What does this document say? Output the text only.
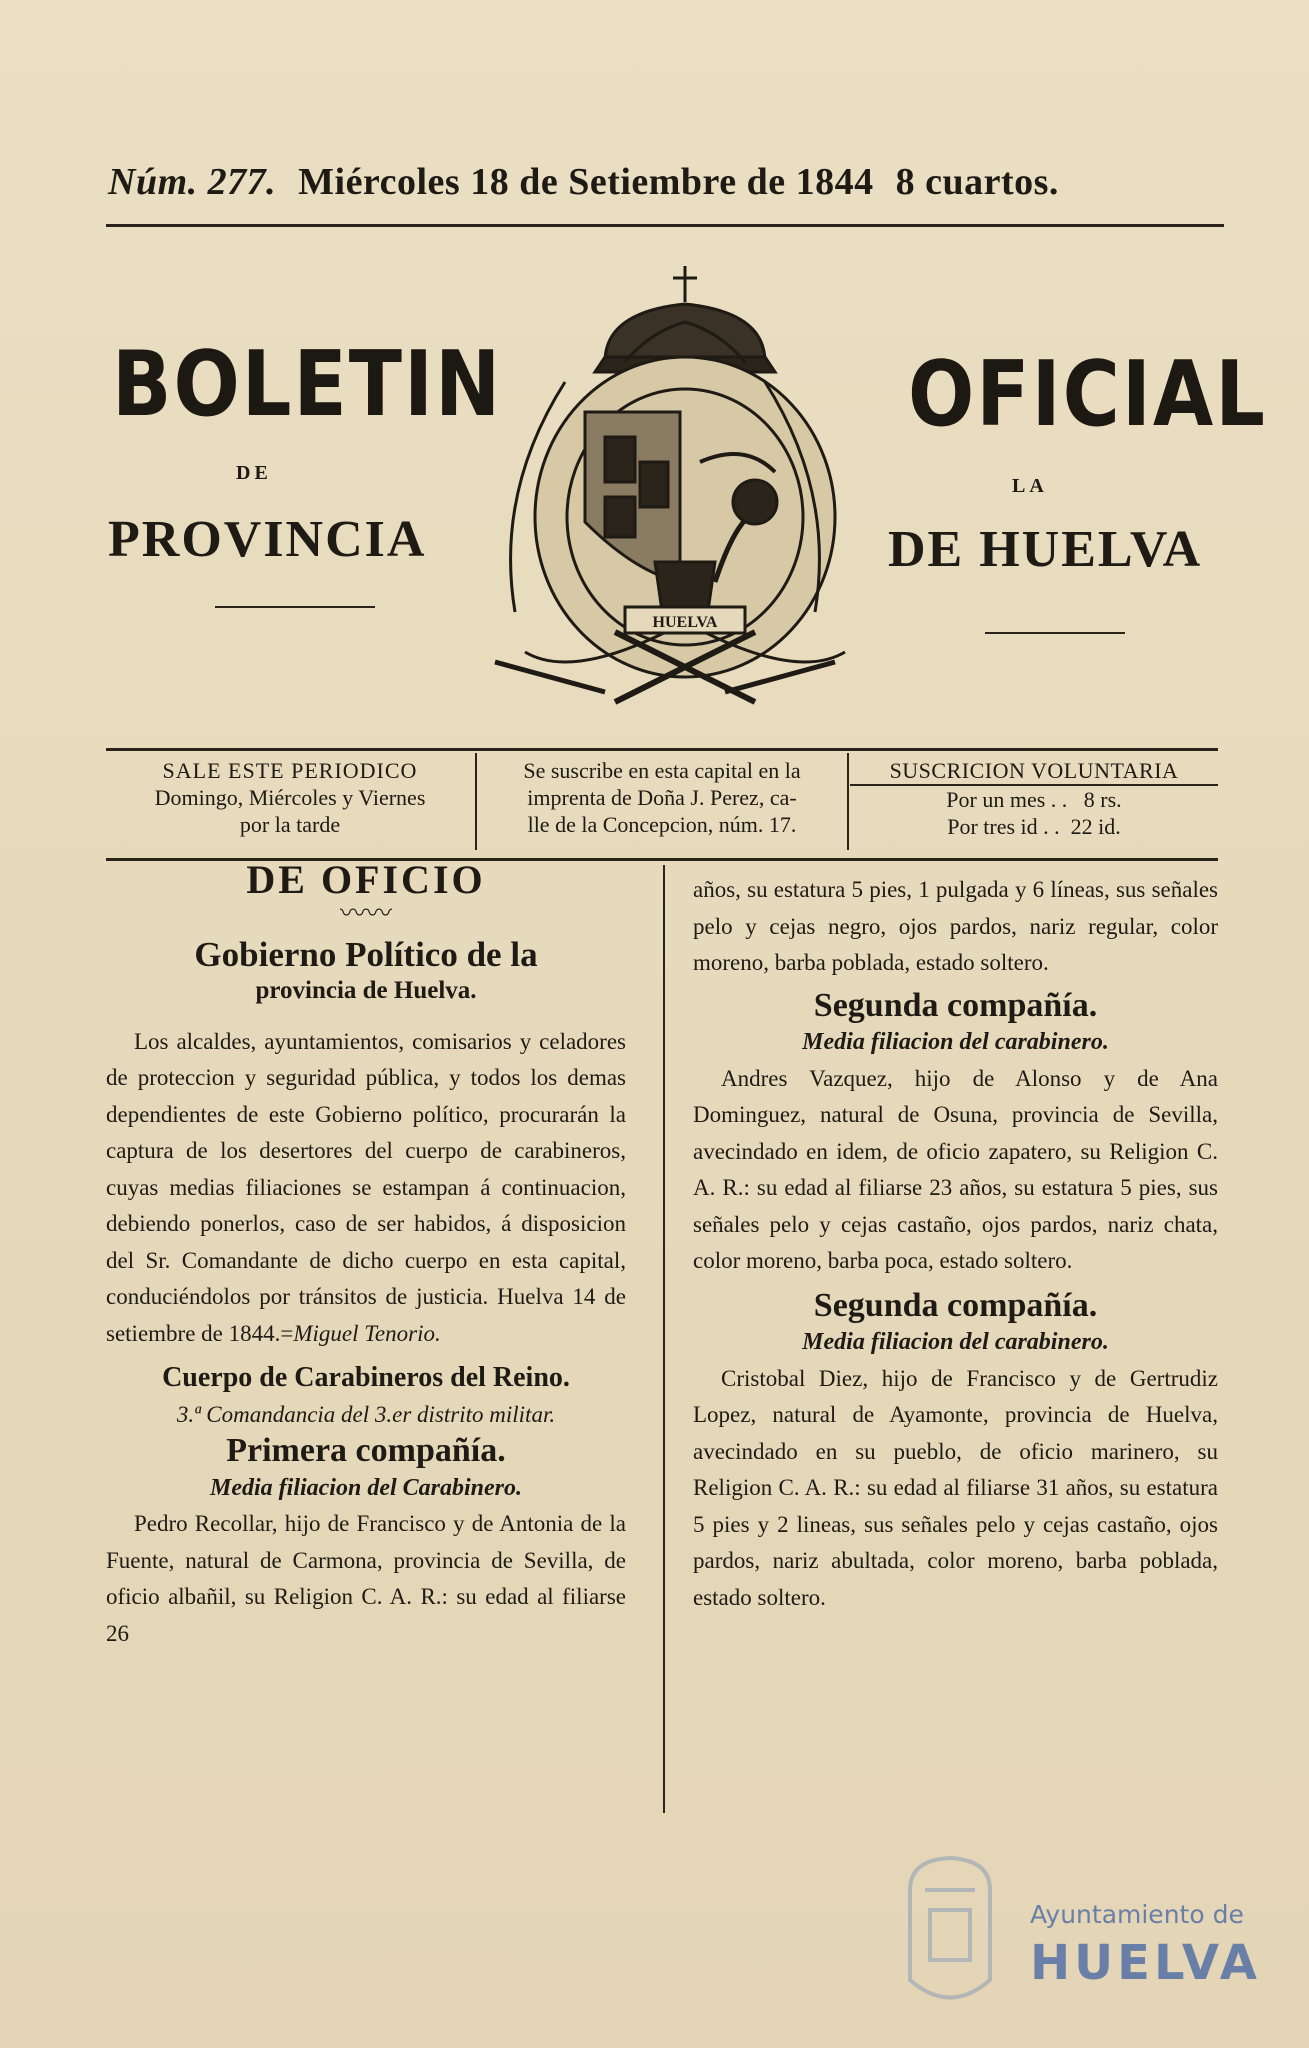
Núm. 277. Miércoles 18 de Setiembre de 1844 8 cuartos.
BOLETIN	OFICIAL
DE
LA
PROVINCIA	DE HUELVA
HUELVA
SALE ESTE PERIODICO
Domingo, Miércoles y Viernes
por la tarde
Se suscribe en esta capital en la
imprenta de Doña J. Perez, ca-
lle de la Concepcion, núm. 17.
SUSCRICION VOLUNTARIA
Por un mes . .   8 rs.
Por tres id . .  22 id.
DE OFICIO
〰〰
Gobierno Político de la
provincia de Huelva.

Los alcaldes, ayuntamientos, comisarios y celadores de proteccion y seguridad pública, y todos los demas dependientes de este Gobierno político, procurarán la captura de los desertores del cuerpo de carabineros, cuyas medias filiaciones se estampan á continuacion, debiendo ponerlos, caso de ser habidos, á disposicion del Sr. Comandante de dicho cuerpo en esta capital, conduciéndolos por tránsitos de justicia. Huelva 14 de setiembre de 1844.=Miguel Tenorio.

Cuerpo de Carabineros del Reino.
3.ª Comandancia del 3.er distrito militar.
Primera compañía.
Media filiacion del Carabinero.

Pedro Recollar, hijo de Francisco y de Antonia de la Fuente, natural de Carmona, provincia de Sevilla, de oficio albañil, su Religion C. A. R.: su edad al filiarse 26

años, su estatura 5 pies, 1 pulgada y 6 líneas, sus señales pelo y cejas negro, ojos pardos, nariz regular, color moreno, barba poblada, estado soltero.

Segunda compañía.
Media filiacion del carabinero.

Andres Vazquez, hijo de Alonso y de Ana Dominguez, natural de Osuna, provincia de Sevilla, avecindado en idem, de oficio zapatero, su Religion C. A. R.: su edad al filiarse 23 años, su estatura 5 pies, sus señales pelo y cejas castaño, ojos pardos, nariz chata, color moreno, barba poca, estado soltero.

Segunda compañía.
Media filiacion del carabinero.

Cristobal Diez, hijo de Francisco y de Gertrudiz Lopez, natural de Ayamonte, provincia de Huelva, avecindado en su pueblo, de oficio marinero, su Religion C. A. R.: su edad al filiarse 31 años, su estatura 5 pies y 2 lineas, sus señales pelo y cejas castaño, ojos pardos, nariz abultada, color moreno, barba poblada, estado soltero.

Ayuntamiento de
HUELVA
